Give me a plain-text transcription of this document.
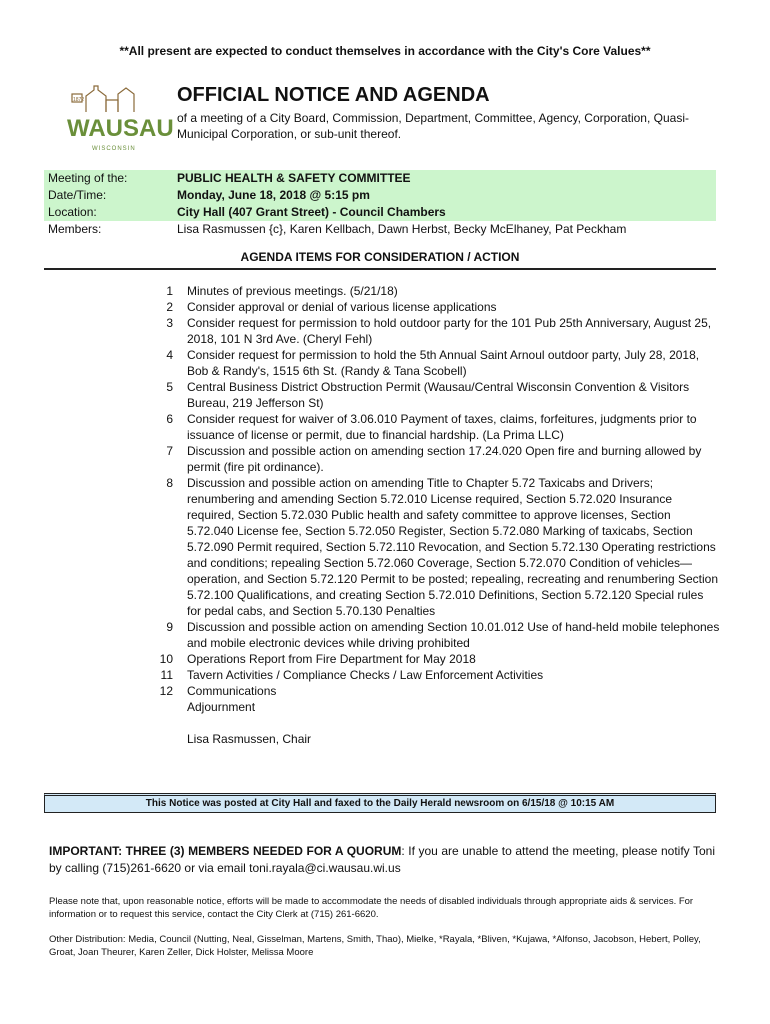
**All present are expected to conduct themselves in accordance with the City's Core Values**
1872
WAUSAU
WISCONSIN
OFFICIAL NOTICE AND AGENDA
of a meeting of a City Board, Commission, Department, Committee, Agency, Corporation, Quasi-Municipal Corporation, or sub-unit thereof.
Meeting of the:	PUBLIC HEALTH & SAFETY COMMITTEE
Date/Time:	Monday, June 18, 2018 @ 5:15 pm
Location:	City Hall (407 Grant Street) - Council Chambers
Members:	Lisa Rasmussen {c}, Karen Kellbach, Dawn Herbst, Becky McElhaney, Pat Peckham
AGENDA ITEMS FOR CONSIDERATION / ACTION
1 Minutes of previous meetings. (5/21/18)
2 Consider approval or denial of various license applications
3 Consider request for permission to hold outdoor party for the 101 Pub 25th Anniversary, August 25, 2018, 101 N 3rd Ave. (Cheryl Fehl)
4 Consider request for permission to hold the 5th Annual Saint Arnoul outdoor party, July 28, 2018, Bob & Randy's, 1515 6th St. (Randy & Tana Scobell)
5 Central Business District Obstruction Permit (Wausau/Central Wisconsin Convention & Visitors Bureau, 219 Jefferson St)
6 Consider request for waiver of 3.06.010 Payment of taxes, claims, forfeitures, judgments prior to issuance of license or permit, due to financial hardship. (La Prima LLC)
7 Discussion and possible action on amending section 17.24.020 Open fire and burning allowed by permit (fire pit ordinance).
8 Discussion and possible action on amending Title to Chapter 5.72 Taxicabs and Drivers; renumbering and amending Section 5.72.010 License required, Section 5.72.020 Insurance required, Section 5.72.030 Public health and safety committee to approve licenses, Section 5.72.040 License fee, Section 5.72.050 Register, Section 5.72.080 Marking of taxicabs, Section 5.72.090 Permit required, Section 5.72.110 Revocation, and Section 5.72.130 Operating restrictions and conditions; repealing Section 5.72.060 Coverage, Section 5.72.070 Condition of vehicles—operation, and Section 5.72.120 Permit to be posted; repealing, recreating and renumbering Section 5.72.100 Qualifications, and creating Section 5.72.010 Definitions, Section 5.72.120 Special rules for pedal cabs, and Section 5.70.130 Penalties
9 Discussion and possible action on amending Section 10.01.012 Use of hand-held mobile telephones and mobile electronic devices while driving prohibited
10 Operations Report from Fire Department for May 2018
11 Tavern Activities / Compliance Checks / Law Enforcement Activities
12 Communications
Adjournment
Lisa Rasmussen, Chair
This Notice was posted at City Hall and faxed to the Daily Herald newsroom on 6/15/18 @ 10:15 AM
IMPORTANT: THREE (3) MEMBERS NEEDED FOR A QUORUM: If you are unable to attend the meeting, please notify Toni by calling (715)261-6620 or via email toni.rayala@ci.wausau.wi.us
Please note that, upon reasonable notice, efforts will be made to accommodate the needs of disabled individuals through appropriate aids & services. For information or to request this service, contact the City Clerk at (715) 261-6620.
Other Distribution: Media, Council (Nutting, Neal, Gisselman, Martens, Smith, Thao), Mielke, *Rayala, *Bliven, *Kujawa, *Alfonso, Jacobson, Hebert, Polley, Groat, Joan Theurer, Karen Zeller, Dick Holster, Melissa Moore
